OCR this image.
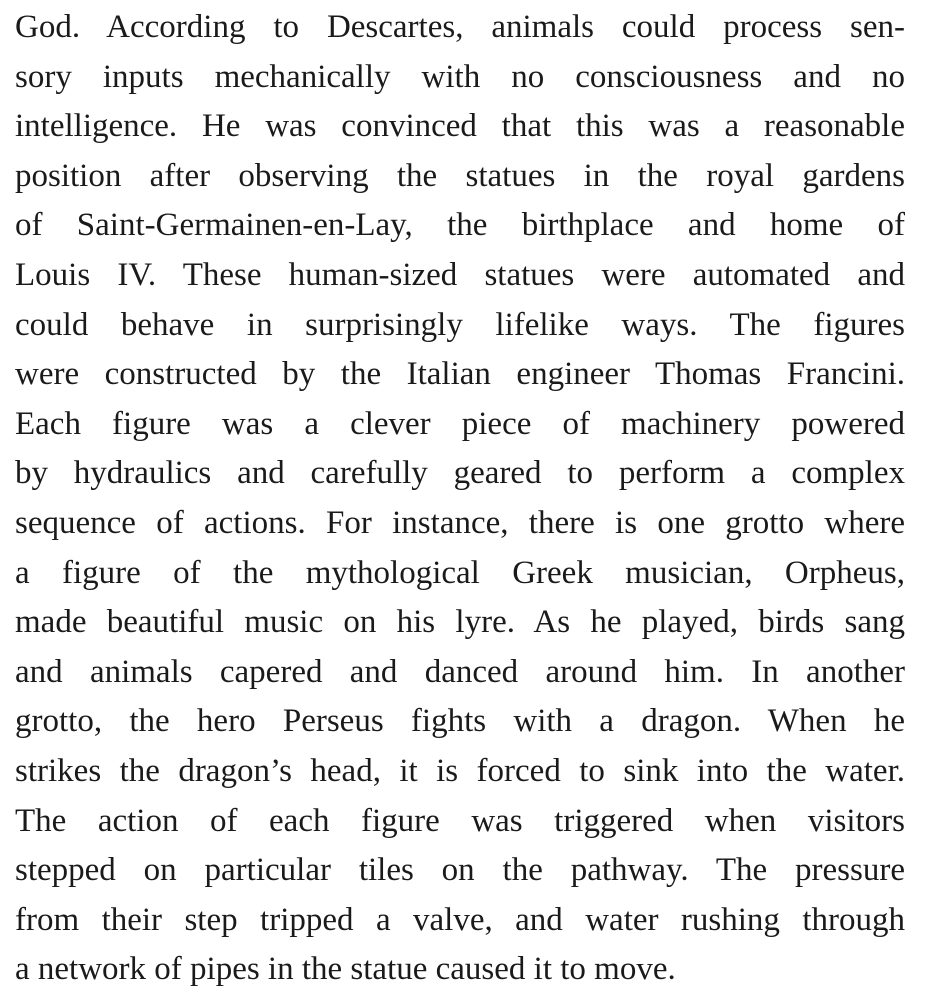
God. According to Descartes, animals could process sen-
sory inputs mechanically with no consciousness and no
intelligence. He was convinced that this was a reasonable
position after observing the statues in the royal gardens
of Saint-Germainen-en-Lay, the birthplace and home of
Louis IV. These human-sized statues were automated and
could behave in surprisingly lifelike ways. The figures
were constructed by the Italian engineer Thomas Francini.
Each figure was a clever piece of machinery powered
by hydraulics and carefully geared to perform a complex
sequence of actions. For instance, there is one grotto where
a figure of the mythological Greek musician, Orpheus,
made beautiful music on his lyre. As he played, birds sang
and animals capered and danced around him. In another
grotto, the hero Perseus fights with a dragon. When he
strikes the dragon’s head, it is forced to sink into the water.
The action of each figure was triggered when visitors
stepped on particular tiles on the pathway. The pressure
from their step tripped a valve, and water rushing through
a network of pipes in the statue caused it to move.
